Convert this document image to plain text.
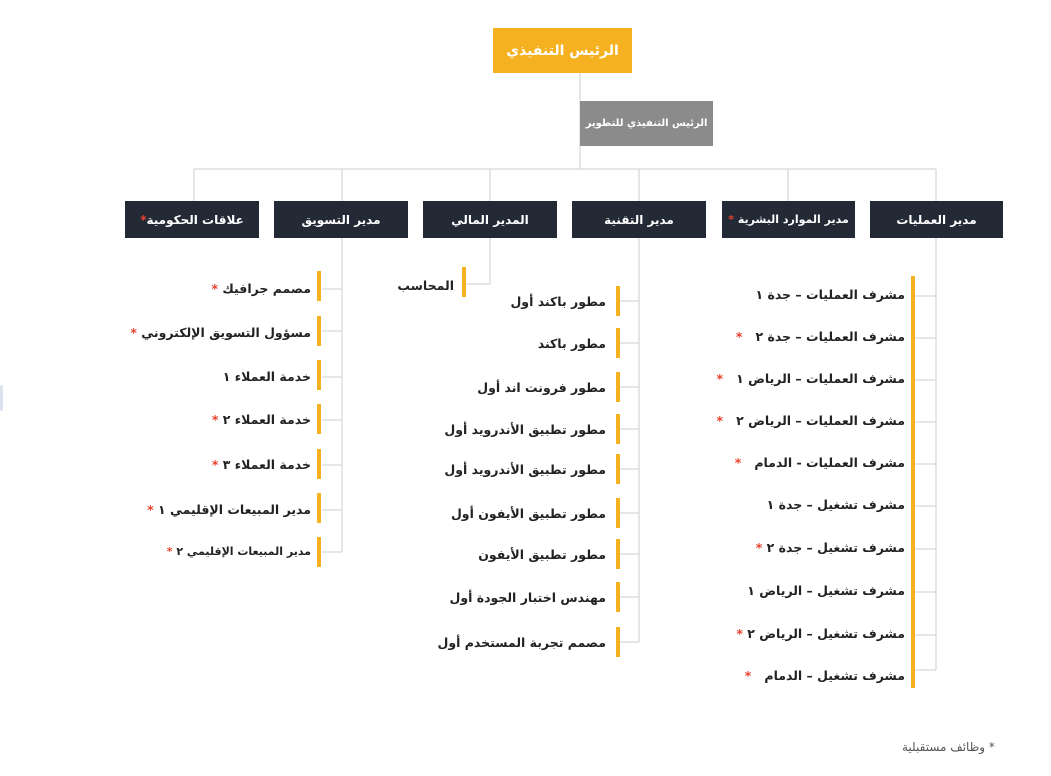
الرئيس التنفيذي
الرئيس التنفيذي للتطوير
مدير العمليات
مدير الموارد البشرية

*
مدير التقنية
المدير المالي
مدير التسويق
علاقات الحكومية
*
مشرف العمليات – جدة ١
مشرف العمليات – جدة ٢   *
مشرف العمليات – الرياض ١   *
مشرف العمليات – الرياض ٢   *
مشرف العمليات - الدمام   *
مشرف تشغيل – جدة ١
مشرف تشغيل – جدة ٢ *
مشرف تشغيل – الرياض ١
مشرف تشغيل – الرياض ٢ *
مشرف تشغيل – الدمام   *
مطور باكند أول
مطور باكند
مطور فرونت اند أول
مطور تطبيق الأندرويد أول
مطور تطبيق الأندرويد أول
مطور تطبيق الأيفون أول
مطور تطبيق الأيفون
مهندس اختبار الجودة أول
مصمم تجربة المستخدم أول
المحاسب
مصمم جرافيك *
مسؤول التسويق الإلكتروني *
خدمة العملاء ١
خدمة العملاء ٢ *
خدمة العملاء ٣ *
مدير المبيعات الإقليمي ١ *
مدير المبيعات الإقليمي ٢ *
* وظائف مستقبلية
